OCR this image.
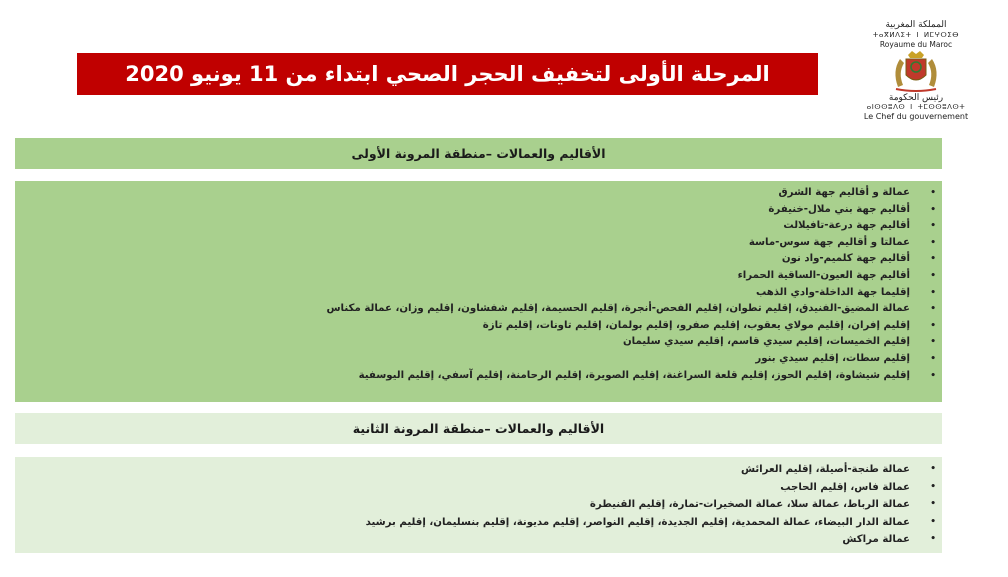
المرحلة الأولى لتخفيف الحجر الصحي ابتداء من 11 يونيو 2020
المملكة المغربية
ⵜⴰⴳⵍⴷⵉⵜ ⵏ ⵍⵎⵖⵔⵉⴱ
Royaume du Maroc
رئيس الحكومة
ⴰⵏⵙⵙⵓⴷⵙ ⵏ ⵜⵎⵙⵙⵓⴷⵙⵜ
Le Chef du gouvernement
الأقاليم والعمالات –منطقة المرونة الأولى
•
عمالة و أقاليم جهة الشرق
•
أقاليم جهة بني ملال-خنيفرة
•
أقاليم جهة درعة-تافيلالت
•
عمالتا و أقاليم جهة سوس-ماسة
•
أقاليم جهة كلميم-واد نون
•
أقاليم جهة العيون-الساقية الحمراء
•
إقليما جهة الداخلة-وادي الذهب
•
عمالة المضيق-الفنيدق، إقليم تطوان، إقليم الفحص-أنجرة، إقليم الحسيمة، إقليم شفشاون، إقليم وزان، عمالة مكناس
•
إقليم إفران، إقليم مولاي يعقوب، إقليم صفرو، إقليم بولمان، إقليم تاونات، إقليم تازة
•
إقليم الخميسات، إقليم سيدي قاسم، إقليم سيدي سليمان
•
إقليم سطات، إقليم سيدي بنور
•
إقليم شيشاوة، إقليم الحوز، إقليم قلعة السراغنة، إقليم الصويرة، إقليم الرحامنة، إقليم آسفي، إقليم اليوسفية
الأقاليم والعمالات –منطقة المرونة الثانية
•
عمالة طنجة-أصيلة، إقليم العرائش
•
عمالة فاس، إقليم الحاجب
•
عمالة الرباط، عمالة سلا، عمالة الصخيرات-تمارة، إقليم القنيطرة
•
عمالة الدار البيضاء، عمالة المحمدية، إقليم الجديدة، إقليم النواصر، إقليم مديونة، إقليم بنسليمان، إقليم برشيد
•
عمالة مراكش
